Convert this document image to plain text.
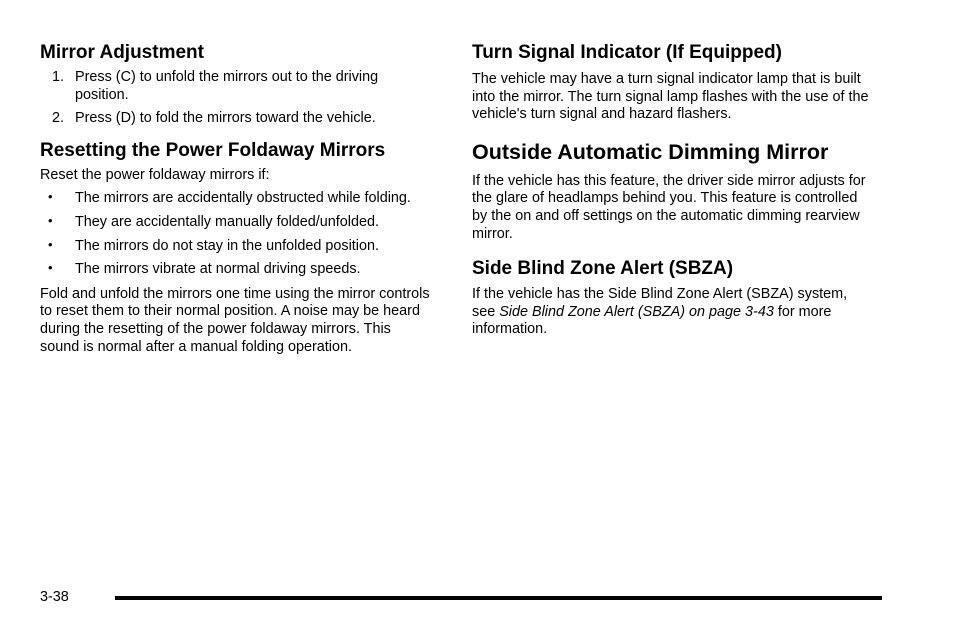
Mirror Adjustment
1. Press (C) to unfold the mirrors out to the driving position.
2. Press (D) to fold the mirrors toward the vehicle.
Resetting the Power Foldaway Mirrors

Reset the power foldaway mirrors if:

• The mirrors are accidentally obstructed while folding.
• They are accidentally manually folded/unfolded.
• The mirrors do not stay in the unfolded position.
• The mirrors vibrate at normal driving speeds.

Fold and unfold the mirrors one time using the mirror controls to reset them to their normal position. A noise may be heard during the resetting of the power foldaway mirrors. This sound is normal after a manual folding operation.

Turn Signal Indicator (If Equipped)

The vehicle may have a turn signal indicator lamp that is built into the mirror. The turn signal lamp flashes with the use of the vehicle's turn signal and hazard flashers.

Outside Automatic Dimming Mirror

If the vehicle has this feature, the driver side mirror adjusts for the glare of headlamps behind you. This feature is controlled by the on and off settings on the automatic dimming rearview mirror.

Side Blind Zone Alert (SBZA)

If the vehicle has the Side Blind Zone Alert (SBZA) system, see Side Blind Zone Alert (SBZA) on page 3-43 for more information.

3-38
